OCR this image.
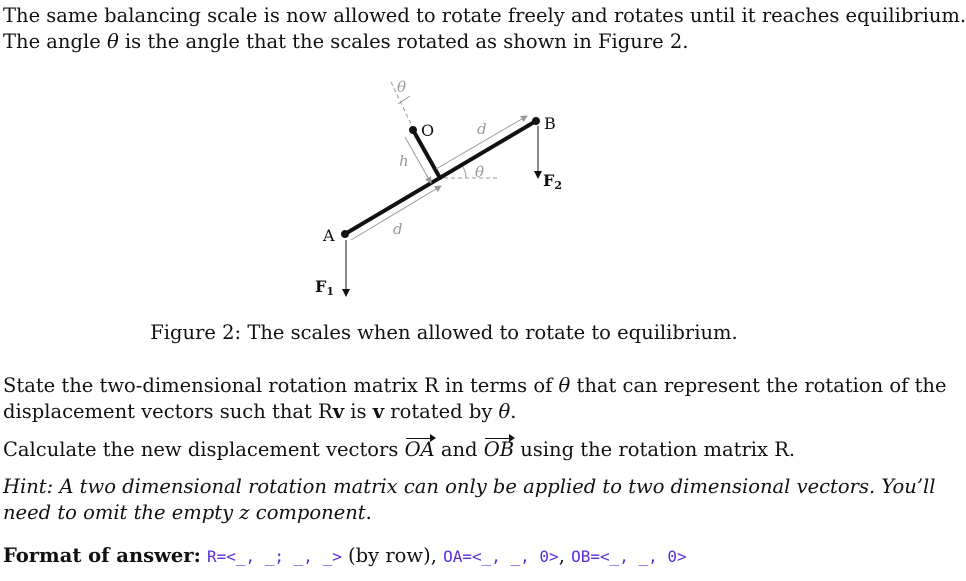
The same balancing scale is now allowed to rotate freely and rotates until it reaches equilibrium.

The angle θ is the angle that the scales rotated as shown in Figure 2.

θ
h
d
d
θ	F2
F1
O
A
B
Figure 2: The scales when allowed to rotate to equilibrium.

State the two-dimensional rotation matrix R in terms of θ that can represent the rotation of the

displacement vectors such that Rv is v rotated by θ.

Calculate the new displacement vectors OA and OB using the rotation matrix R.

Hint: A two dimensional rotation matrix can only be applied to two dimensional vectors. You’ll

need to omit the empty z component.

Format of answer: R=<_, _; _, _> (by row), OA=<_, _, 0>, OB=<_, _, 0>
